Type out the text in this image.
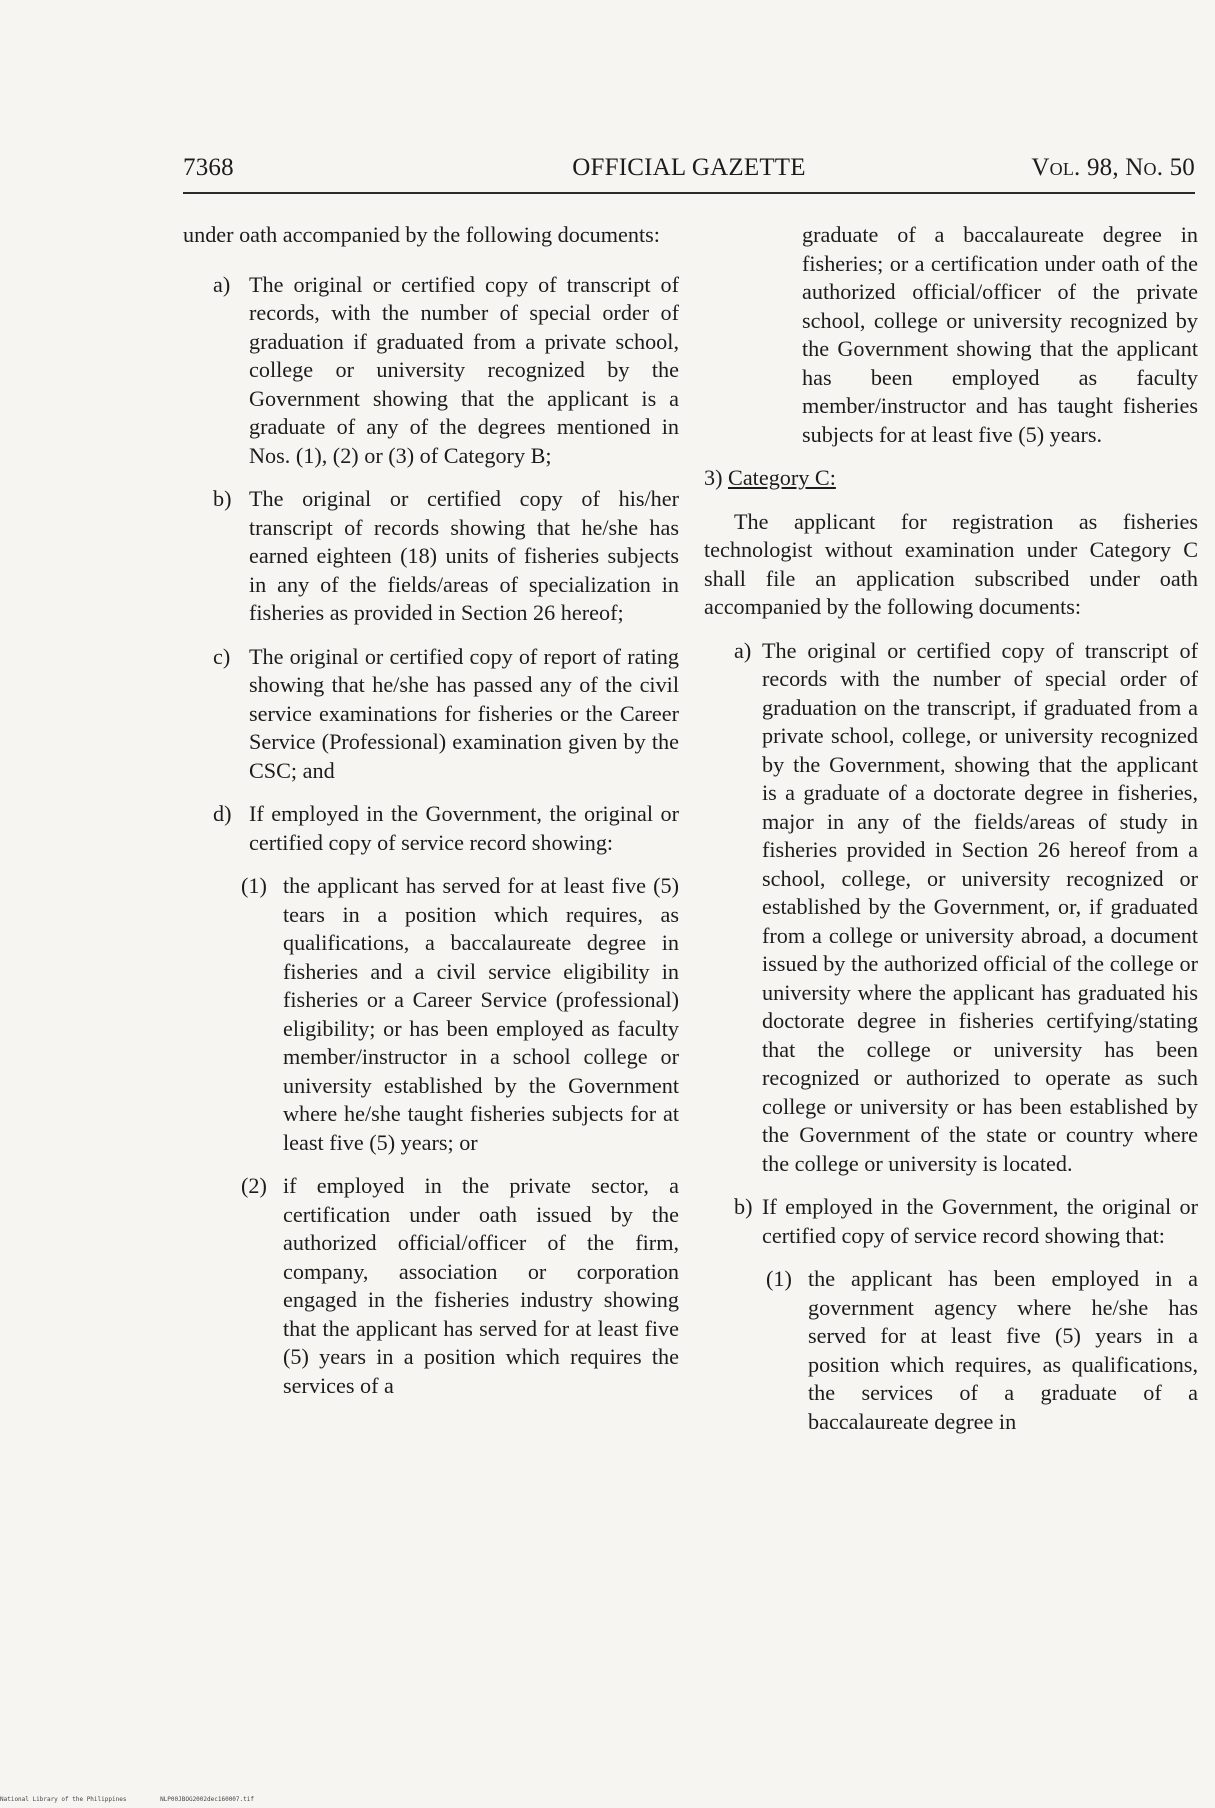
7368	OFFICIAL GAZETTE	Vol. 98, No. 50

under oath accompanied by the following documents:

a) The original or certified copy of transcript of records, with the number of special order of graduation if graduated from a private school, college or university recognized by the Government showing that the applicant is a graduate of any of the degrees mentioned in Nos. (1), (2) or (3) of Category B;

b) The original or certified copy of his/her transcript of records showing that he/she has earned eighteen (18) units of fisheries subjects in any of the fields/areas of specialization in fisheries as provided in Section 26 hereof;

c) The original or certified copy of report of rating showing that he/she has passed any of the civil service examinations for fisheries or the Career Service (Professional) examination given by the CSC; and

d) If employed in the Government, the original or certified copy of service record showing:

(1) the applicant has served for at least five (5) tears in a position which requires, as qualifications, a baccalaureate degree in fisheries and a civil service eligibility in fisheries or a Career Service (professional) eligibility; or has been employed as faculty member/instructor in a school college or university established by the Government where he/she taught fisheries subjects for at least five (5) years; or

(2) if employed in the private sector, a certification under oath issued by the authorized official/officer of the firm, company, association or corporation engaged in the fisheries industry showing that the applicant has served for at least five (5) years in a position which requires the services of a

graduate of a baccalaureate degree in fisheries; or a certification under oath of the authorized official/officer of the private school, college or university recognized by the Government showing that the applicant has been employed as faculty member/instructor and has taught fisheries subjects for at least five (5) years.

3) Category C:

The applicant for registration as fisheries technologist without examination under Category C shall file an application subscribed under oath accompanied by the following documents:

a) The original or certified copy of transcript of records with the number of special order of graduation on the transcript, if graduated from a private school, college, or university recognized by the Government, showing that the applicant is a graduate of a doctorate degree in fisheries, major in any of the fields/areas of study in fisheries provided in Section 26 hereof from a school, college, or university recognized or established by the Government, or, if graduated from a college or university abroad, a document issued by the authorized official of the college or university where the applicant has graduated his doctorate degree in fisheries certifying/stating that the college or university has been recognized or authorized to operate as such college or university or has been established by the Government of the state or country where the college or university is located.

b) If employed in the Government, the original or certified copy of service record showing that:

(1) the applicant has been employed in a government agency where he/she has served for at least five (5) years in a position which requires, as qualifications, the services of a graduate of a baccalaureate degree in

National Library of the Philippines	NLP00JBOG2002dec160007.tif
